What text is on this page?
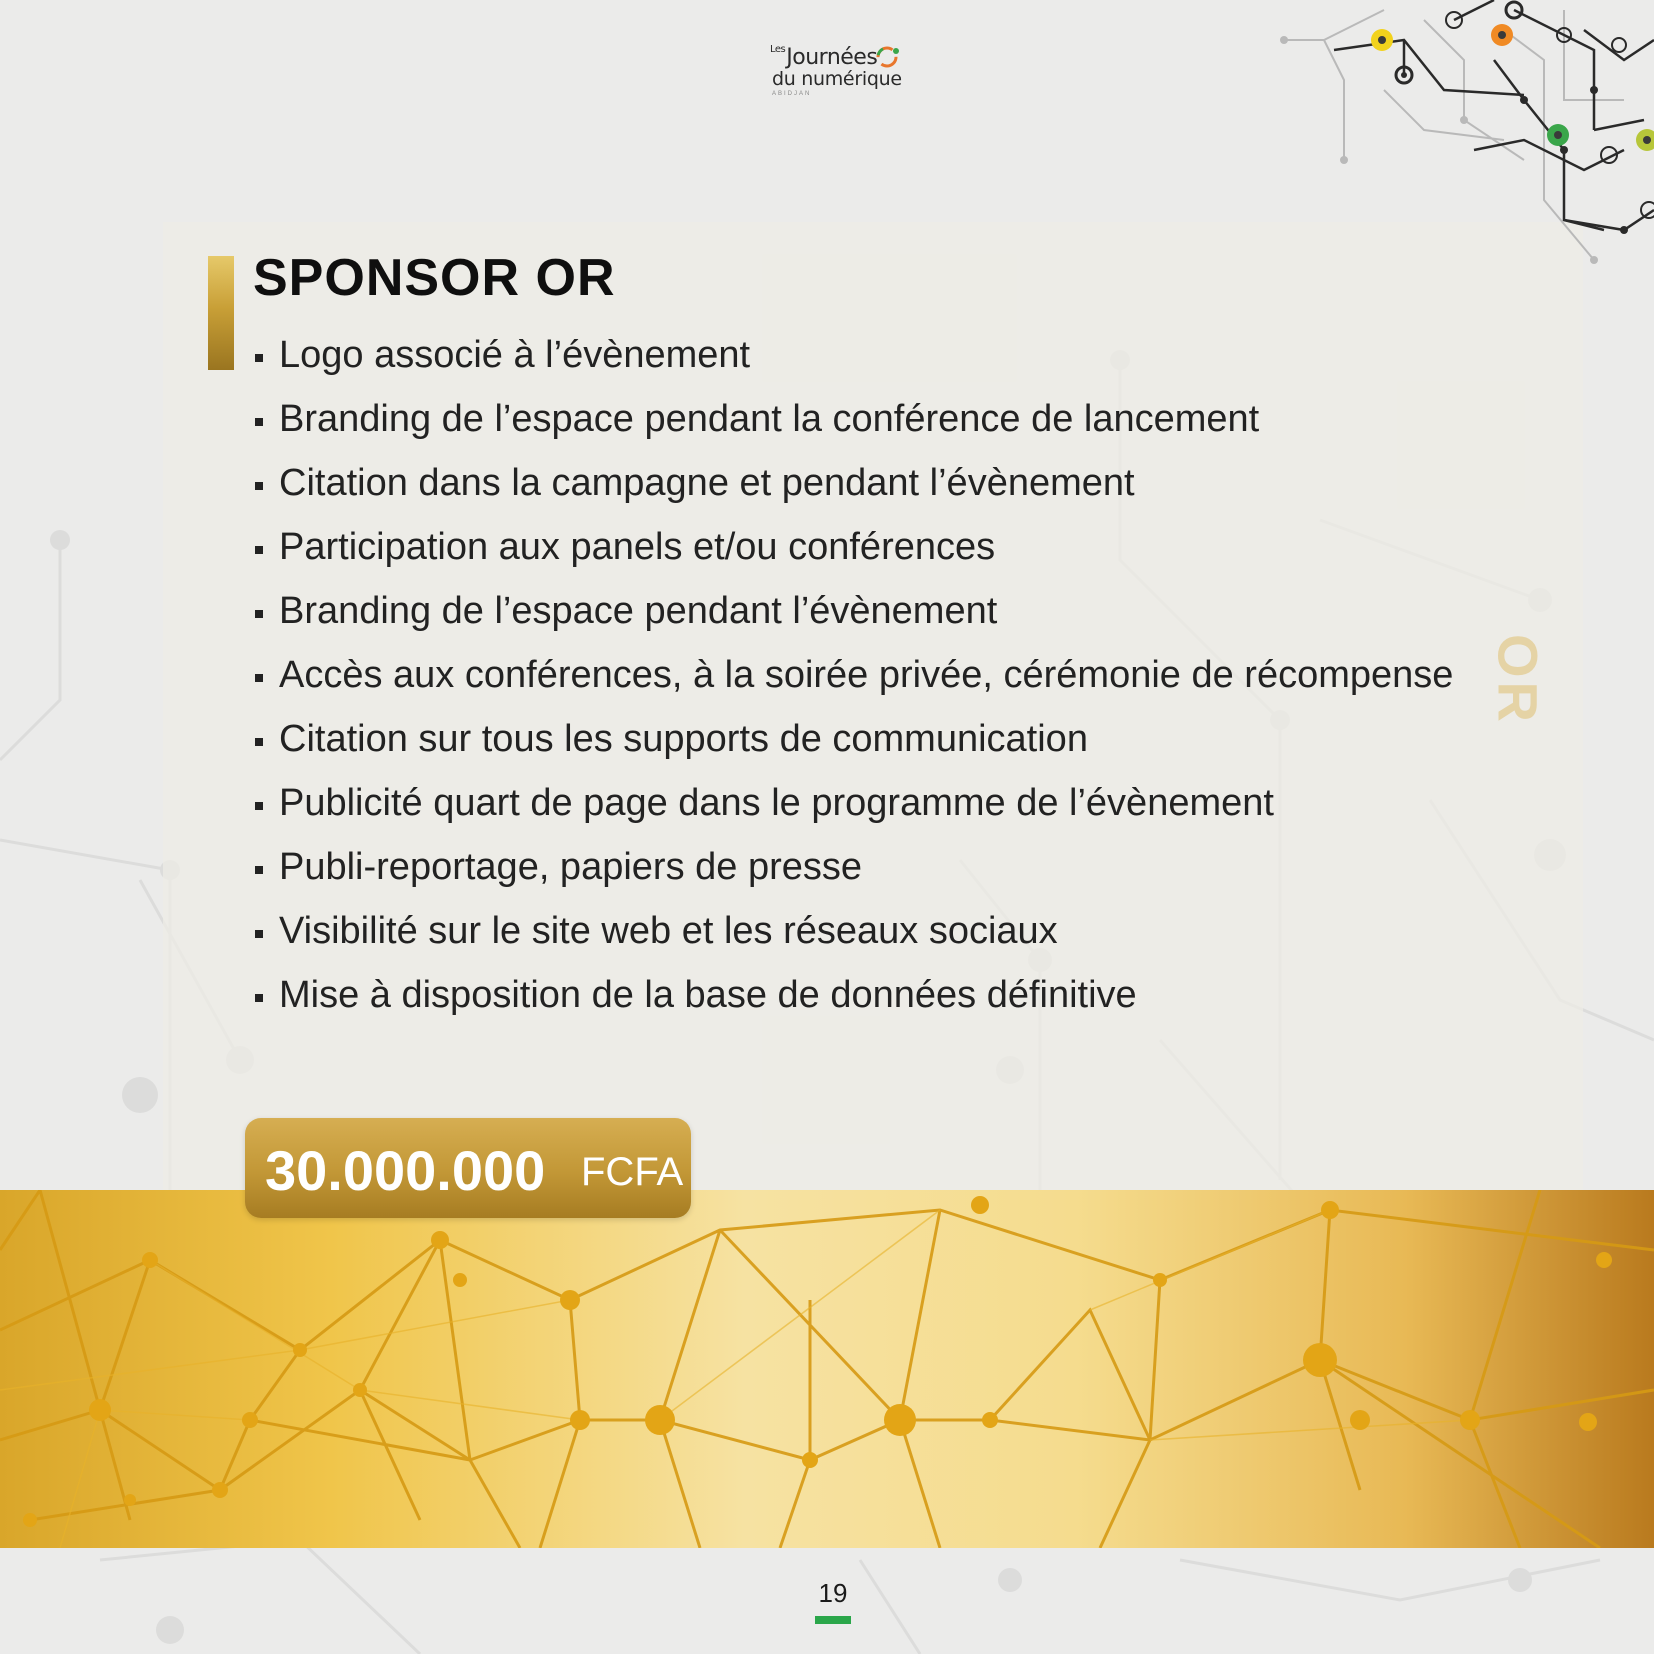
$^{Les}$Journées
du numérique
ABIDJAN
SPONSOR OR
Logo associé à l’évènement
Branding de l’espace pendant la conférence de lancement
Citation dans la campagne et pendant l’évènement
Participation aux panels et/ou conférences
Branding de l’espace pendant l’évènement
Accès aux conférences, à la soirée privée, cérémonie de récompense
Citation sur tous les supports de communication
Publicité quart de page dans le programme de l’évènement
Publi-reportage, papiers de presse
Visibilité sur le site web et les réseaux sociaux
Mise à disposition de la base de données définitive
OR
30.000.000 FCFA
19
